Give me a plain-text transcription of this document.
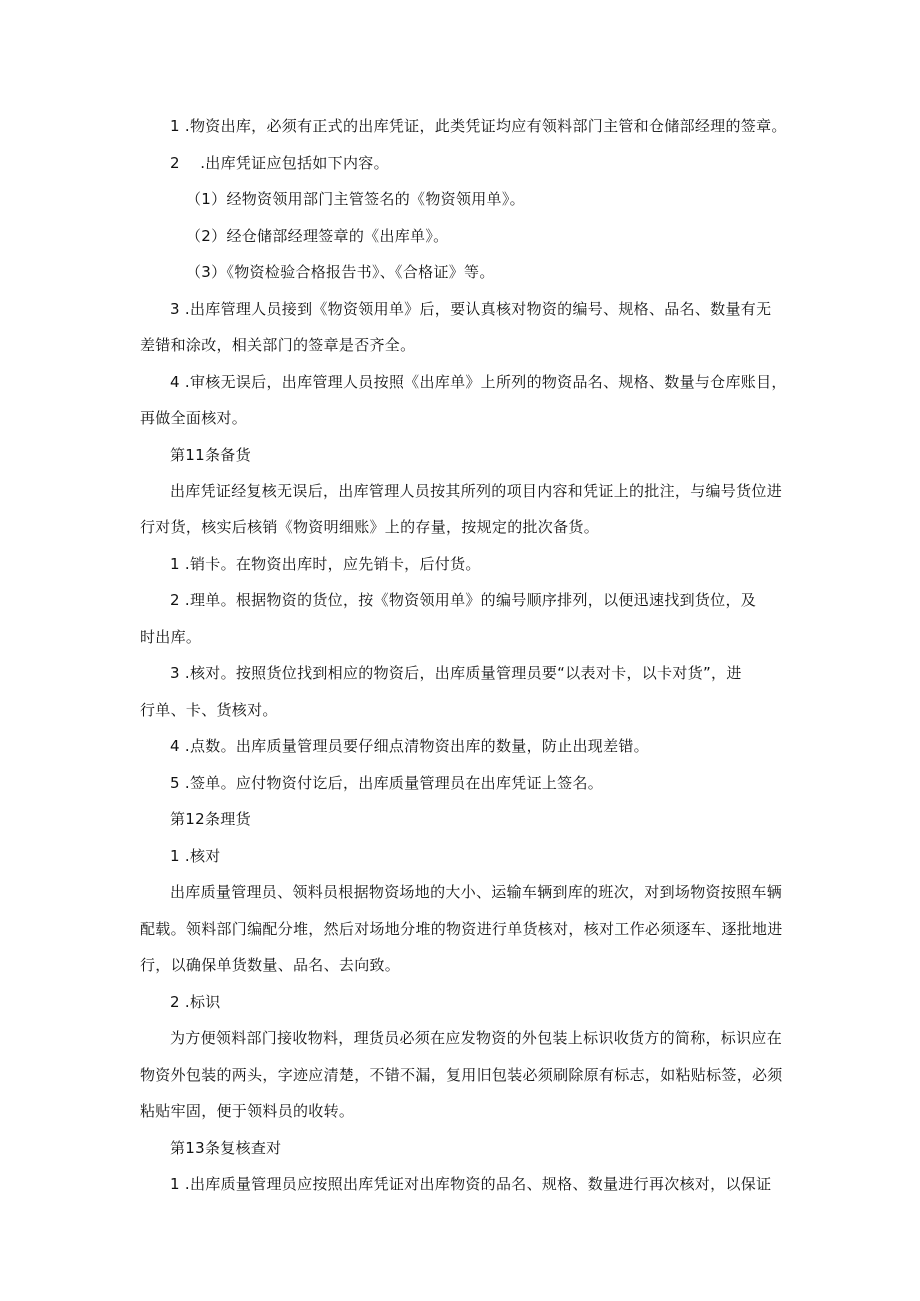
1 .物资出库，必须有正式的出库凭证，此类凭证均应有领料部门主管和仓储部经理的签章。
2　 .出库凭证应包括如下内容。
（1）经物资领用部门主管签名的《物资领用单》。
（2）经仓储部经理签章的《出库单》。
（3）《物资检验合格报告书》、《合格证》等。
3 .出库管理人员接到《物资领用单》后，要认真核对物资的编号、规格、品名、数量有无
差错和涂改，相关部门的签章是否齐全。
4 .审核无误后，出库管理人员按照《出库单》上所列的物资品名、规格、数量与仓库账目，
再做全面核对。
第11条备货
出库凭证经复核无误后，出库管理人员按其所列的项目内容和凭证上的批注，与编号货位进
行对货，核实后核销《物资明细账》上的存量，按规定的批次备货。
1 .销卡。在物资出库时，应先销卡，后付货。
2 .理单。根据物资的货位，按《物资领用单》的编号顺序排列，以便迅速找到货位，及
时出库。
3 .核对。按照货位找到相应的物资后，出库质量管理员要“以表对卡，以卡对货”，进
行单、卡、货核对。
4 .点数。出库质量管理员要仔细点清物资出库的数量，防止出现差错。
5 .签单。应付物资付讫后，出库质量管理员在出库凭证上签名。
第12条理货
1 .核对
出库质量管理员、领料员根据物资场地的大小、运输车辆到库的班次，对到场物资按照车辆
配载。领料部门编配分堆，然后对场地分堆的物资进行单货核对，核对工作必须逐车、逐批地进
行，以确保单货数量、品名、去向致。
2 .标识
为方便领料部门接收物料，理货员必须在应发物资的外包装上标识收货方的简称，标识应在
物资外包装的两头，字迹应清楚，不错不漏，复用旧包装必须刷除原有标志，如粘贴标签，必须
粘贴牢固，便于领料员的收转。
第13条复核查对
1 .出库质量管理员应按照出库凭证对出库物资的品名、规格、数量进行再次核对，以保证
